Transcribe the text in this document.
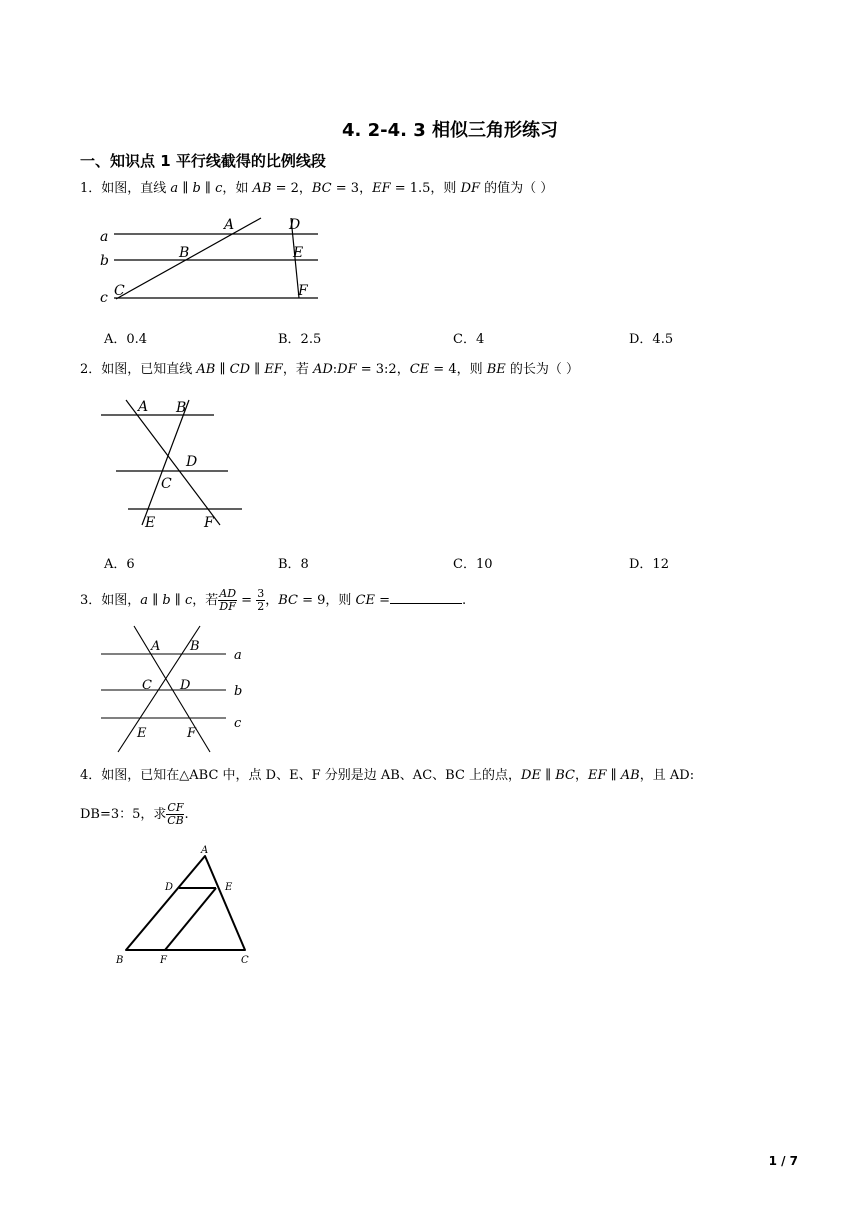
4. 2-4. 3 相似三角形练习
一、知识点 1 平行线截得的比例线段
1．如图，直线 a ∥ b ∥ c，如 AB = 2，BC = 3，EF = 1.5，则 DF 的值为（ ）
a
b
c
A
B
C
D
E
F
A．0.4	B．2.5	C．4	D．4.5
2．如图，已知直线 AB ∥ CD ∥ EF，若 AD:DF = 3:2，CE = 4，则 BE 的长为（ ）
A B
C
D
E	F
A．6	B．8	C．10	D．12
3．如图，a ∥ b ∥ c，若 $\frac{AD}{DF} = \frac{3}{2}$ ，BC = 9，则 CE =	.
A B
a
C D	b
E	F
c
4．如图，已知在△ABC 中，点 D、E、F 分别是边 AB、AC、BC 上的点，DE ∥ BC，EF ∥ AB，且 AD:
DB=3：5，求 $\frac{CF}{CB}$ .
A
D	E
B	F	C
1 / 7
